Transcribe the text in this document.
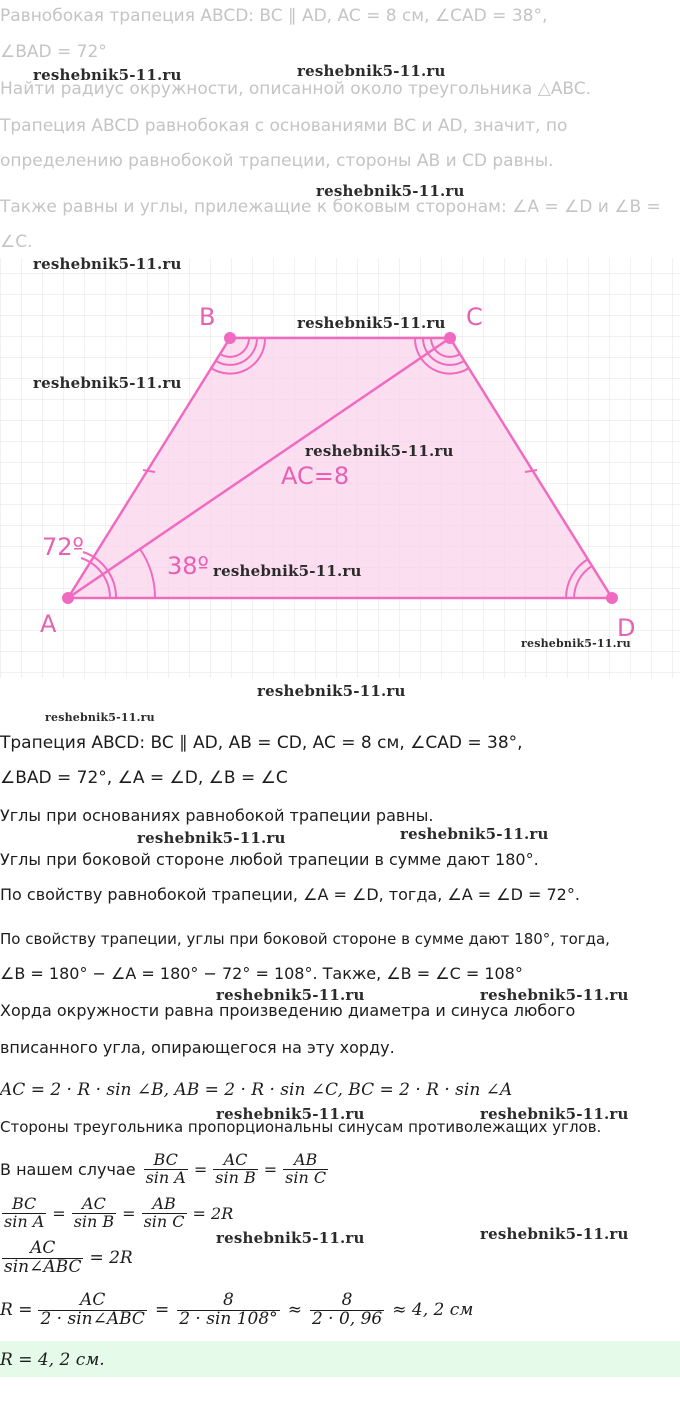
Равнобокая трапеция ABCD: BC ∥ AD, AC = 8 см, ∠CAD = 38°,
∠BAD = 72°
Найти радиус окружности, описанной около треугольника △ABC.
Трапеция ABCD равнобокая с основаниями BC и AD, значит, по
определению равнобокой трапеции, стороны AB и CD равны.
Также равны и углы, прилежащие к боковым сторонам: ∠A = ∠D и ∠B =
∠C.
A
B	C
D
72º
38º
AC=8
Трапеция ABCD: BC ∥ AD, AB = CD, AC = 8 см, ∠CAD = 38°,
∠BAD = 72°, ∠A = ∠D, ∠B = ∠C
Углы при основаниях равнобокой трапеции равны.
Углы при боковой стороне любой трапеции в сумме дают 180°.
По свойству равнобокой трапеции, ∠A = ∠D, тогда, ∠A = ∠D = 72°.
По свойству трапеции, углы при боковой стороне в сумме дают 180°, тогда,
∠B = 180° − ∠A = 180° − 72° = 108°. Также, ∠B = ∠C = 108°
Хорда окружности равна произведению диаметра и синуса любого
вписанного угла, опирающегося на эту хорду.
AC = 2 · R · sin ∠B, AB = 2 · R · sin ∠C, BC = 2 · R · sin ∠A
Стороны треугольника пропорциональны синусам противолежащих углов.
В нашем случае $\frac{BC}{\text{sin A}} = \frac{AC}{\text{sin B}} = \frac{AB}{\text{sin C}}$
$\frac{BC}{\text{sin A}} = \frac{AC}{\text{sin B}} = \frac{AB}{\text{sin C}} = 2R$
$\frac{AC}{\text{sin∠ABC}} = 2R$
$R = \frac{AC}{\text{2 · sin∠ABC}} = \frac{8}{2 \cdot \sin 108^\circ} \approx \frac{8}{2 \cdot 0, 96} \approx 4$, 2 см
R = 4, 2 см.
reshebnik5-11.ru	reshebnik5-11.ru
reshebnik5-11.ru
reshebnik5-11.ru
reshebnik5-11.ru
reshebnik5-11.ru
reshebnik5-11.ru
reshebnik5-11.ru
reshebnik5-11.ru
reshebnik5-11.ru
reshebnik5-11.ru
reshebnik5-11.ru	reshebnik5-11.ru
reshebnik5-11.ru	reshebnik5-11.ru
reshebnik5-11.ru	reshebnik5-11.ru
reshebnik5-11.ru	reshebnik5-11.ru
